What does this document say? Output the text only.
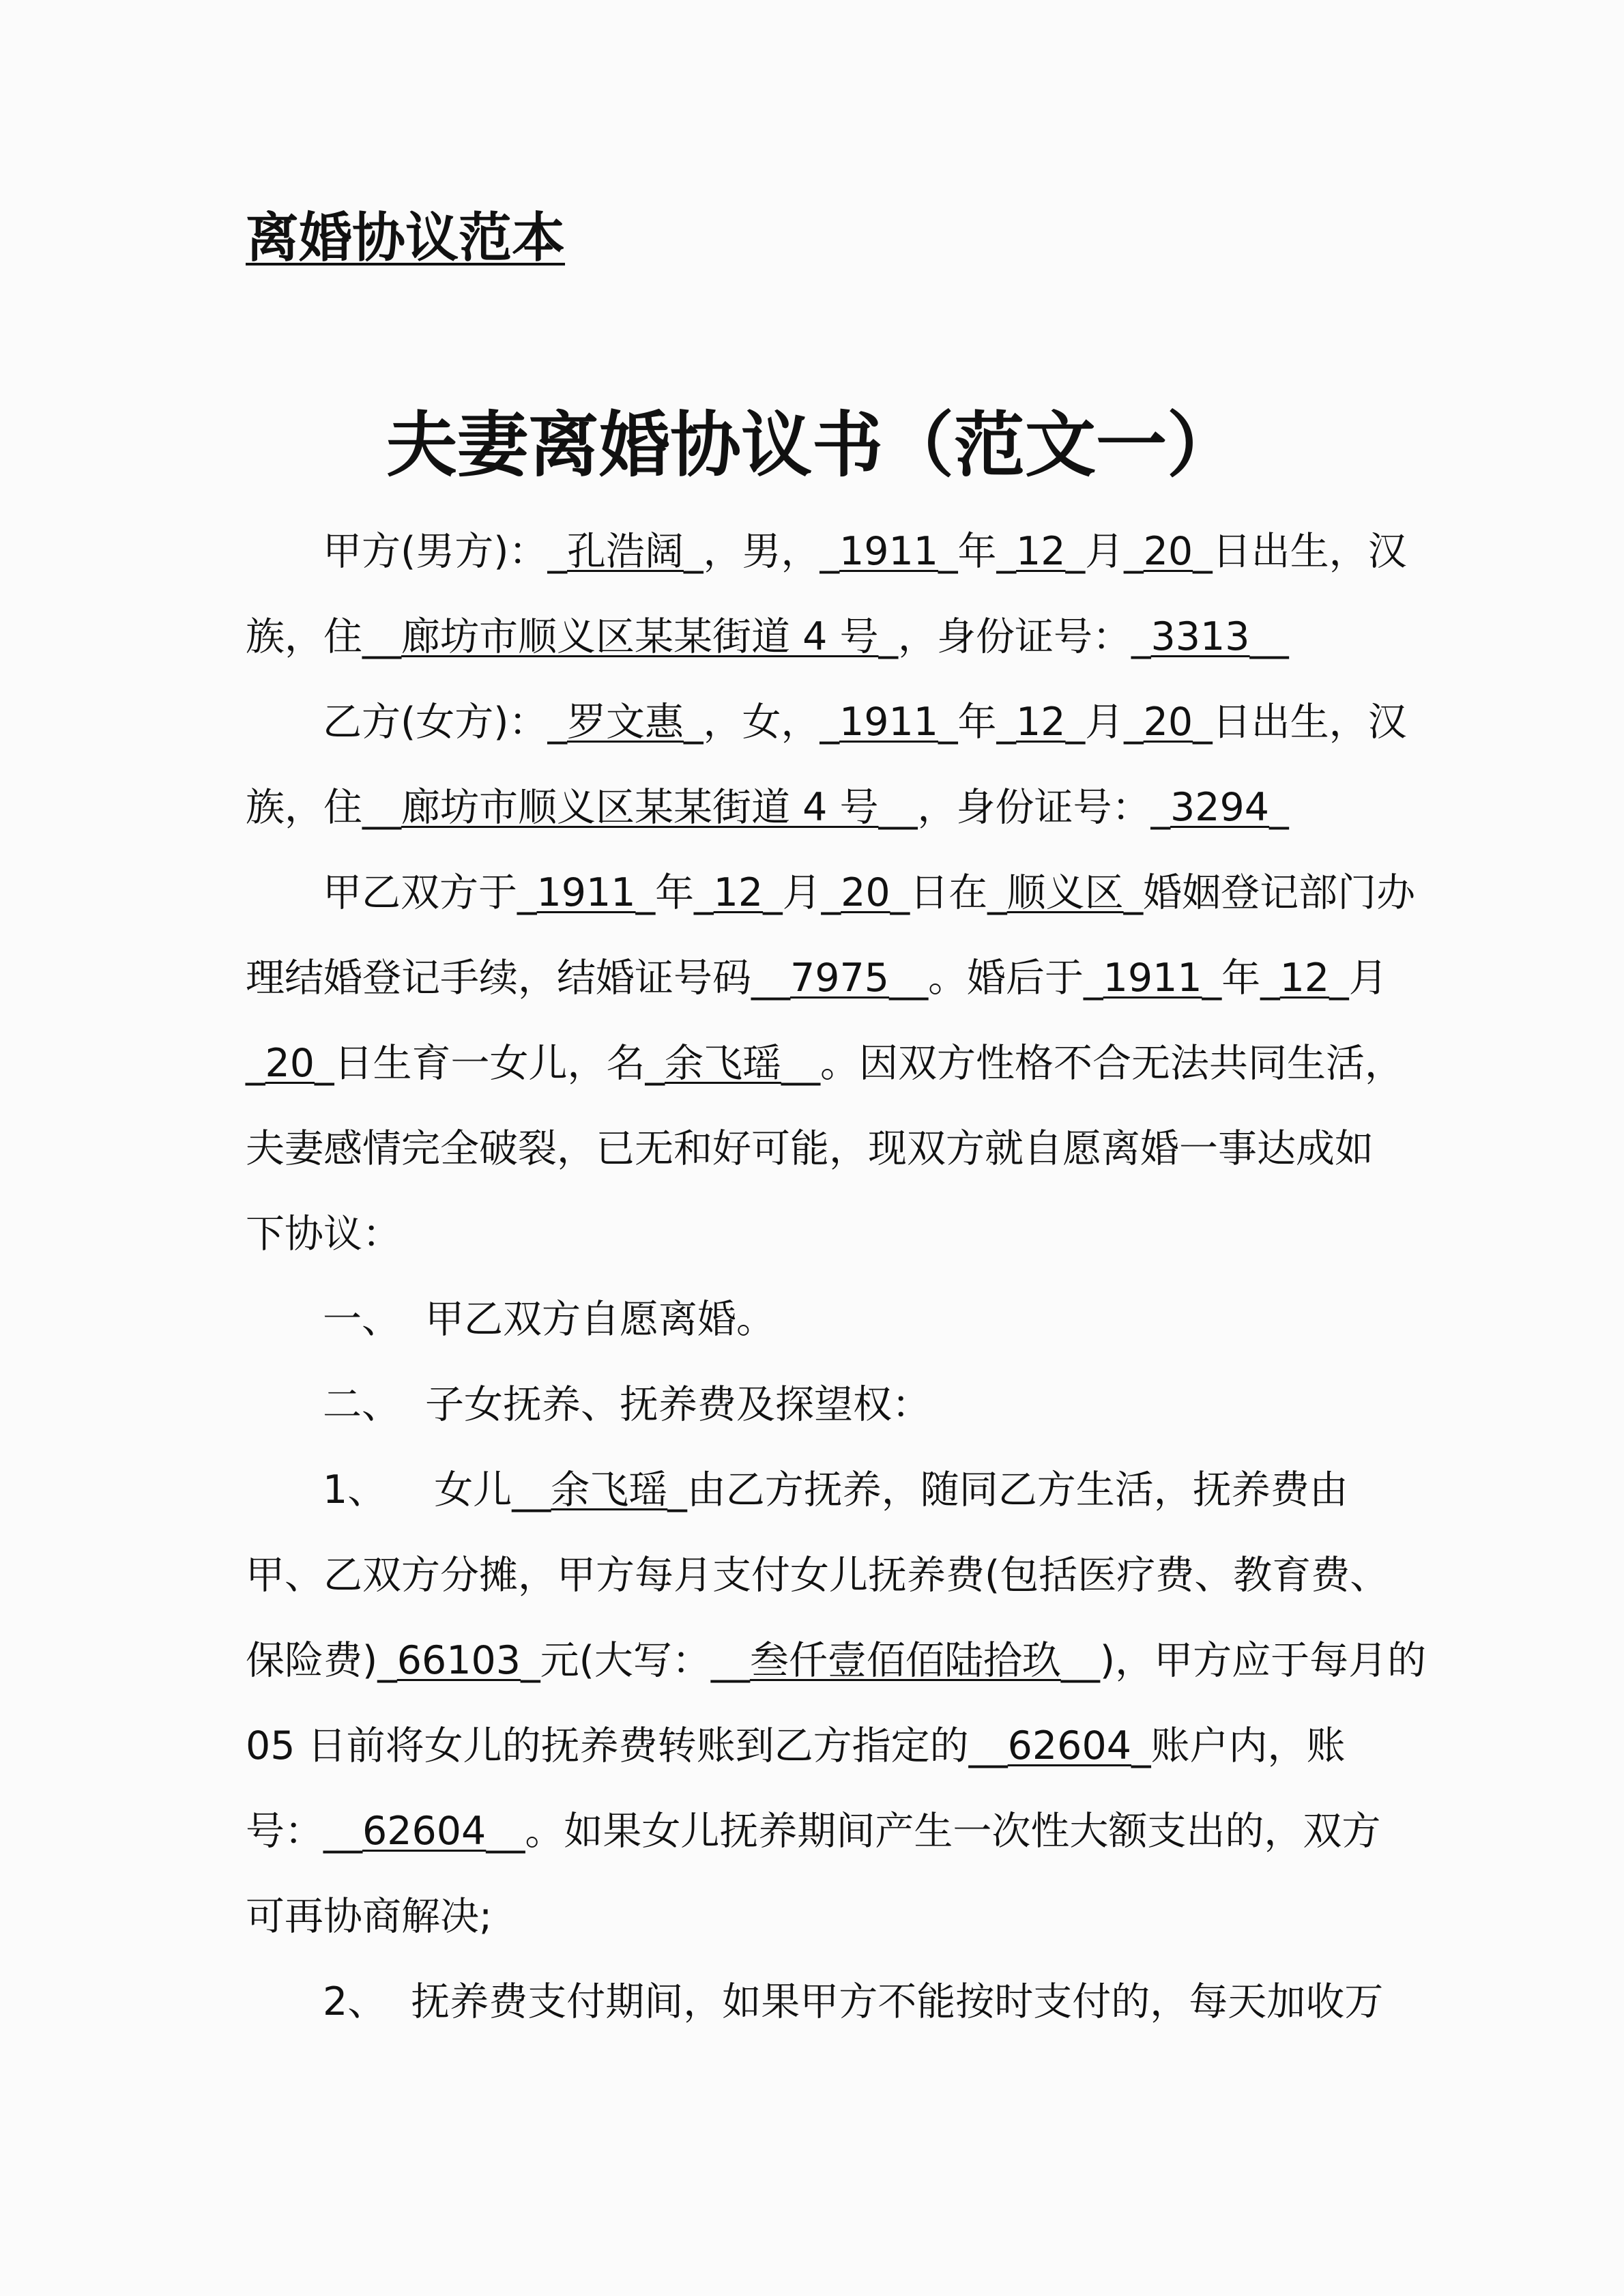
离婚协议范本
夫妻离婚协议书（范文一）
甲方(男方)：_孔浩阔_，男，_1911_年_12_月_20_日出生，汉
族，住__廊坊市顺义区某某街道 4 号_，身份证号：_3313__
乙方(女方)：_罗文惠_，女，_1911_年_12_月_20_日出生，汉
族，住__廊坊市顺义区某某街道 4 号__，身份证号：_3294_
甲乙双方于_1911_年_12_月_20_日在_顺义区_婚姻登记部门办
理结婚登记手续，结婚证号码__7975__。婚后于_1911_年_12_月
_20_日生育一女儿，名_余飞瑶__。因双方性格不合无法共同生活，
夫妻感情完全破裂，已无和好可能，现双方就自愿离婚一事达成如
下协议：
一、 甲乙双方自愿离婚。
二、 子女抚养、抚养费及探望权：
1、 女儿__余飞瑶_由乙方抚养，随同乙方生活，抚养费由
甲、乙双方分摊，甲方每月支付女儿抚养费(包括医疗费、教育费、
保险费)_66103_元(大写：__叁仟壹佰佰陆拾玖__)，甲方应于每月的
05 日前将女儿的抚养费转账到乙方指定的__62604_账户内，账
号：__62604__。如果女儿抚养期间产生一次性大额支出的，双方
可再协商解决;
2、 抚养费支付期间，如果甲方不能按时支付的，每天加收万
